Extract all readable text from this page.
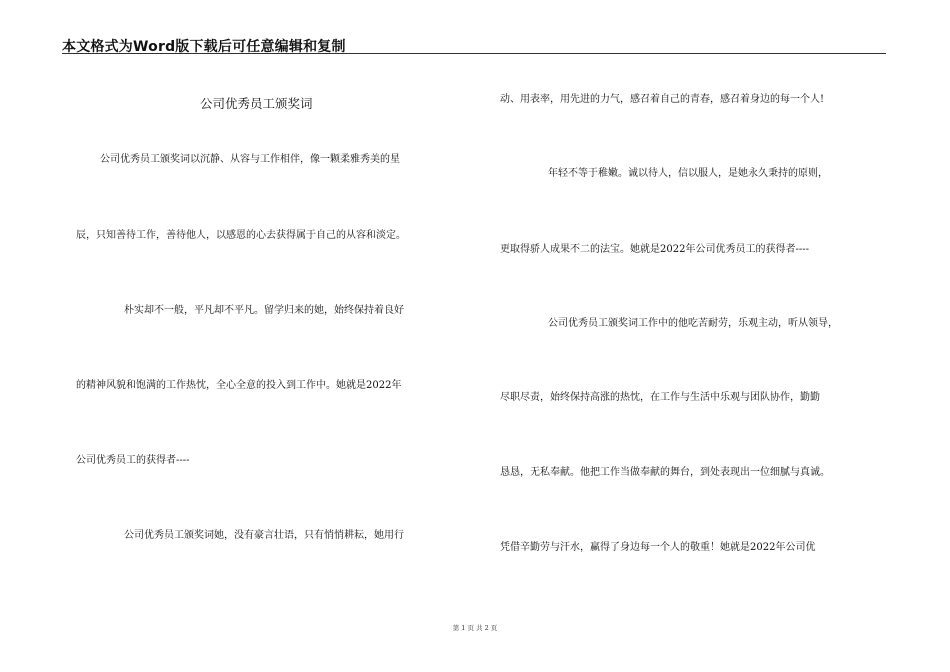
本文格式为Word版下载后可任意编辑和复制
公司优秀员工颁奖词
公司优秀员工颁奖词以沉静、从容与工作相伴，像一颗柔雅秀美的星
辰，只知善待工作，善待他人，以感恩的心去获得属于自己的从容和淡定。
朴实却不一般，平凡却不平凡。留学归来的她，始终保持着良好
的精神风貌和饱满的工作热忱，全心全意的投入到工作中。她就是2022年
公司优秀员工的获得者----
公司优秀员工颁奖词她，没有豪言壮语，只有悄悄耕耘，她用行
动、用表率，用先进的力气，感召着自己的青春，感召着身边的每一个人!
年轻不等于稚嫩。诚以待人，信以服人，是她永久秉持的原则，
更取得骄人成果不二的法宝。她就是2022年公司优秀员工的获得者----
公司优秀员工颁奖词工作中的他吃苦耐劳，乐观主动，听从领导，
尽职尽责，始终保持高涨的热忱，在工作与生活中乐观与团队协作，勤勤
恳恳，无私奉献。他把工作当做奉献的舞台，到处表现出一位细腻与真诚。
凭借辛勤劳与汗水，赢得了身边每一个人的敬重！她就是2022年公司优
第 1 页 共 2 页
